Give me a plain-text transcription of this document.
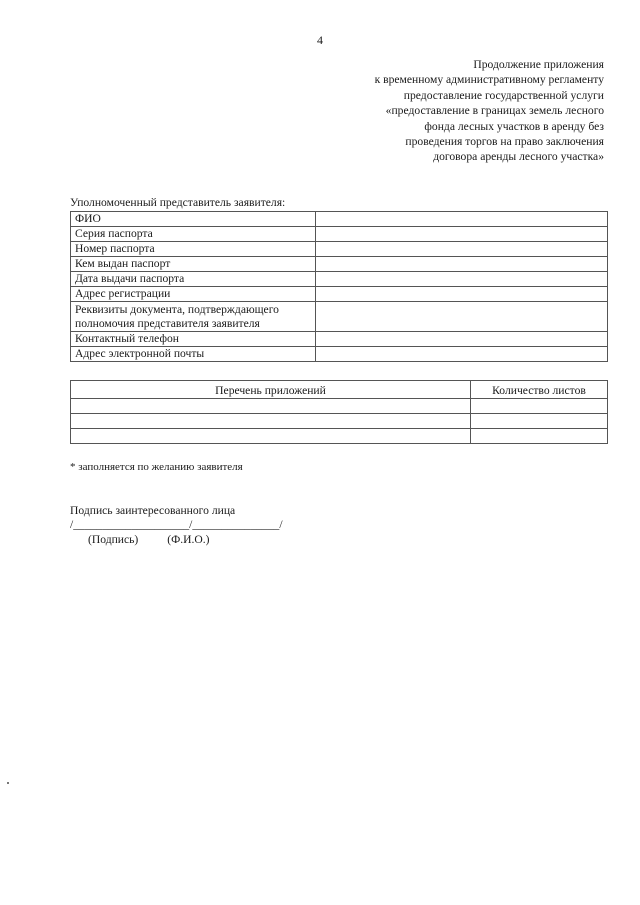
4
Продолжение приложения
к временному административному регламенту
предоставление государственной услуги
«предоставление в границах земель лесного
фонда лесных участков в аренду без
проведения торгов на право заключения
договора аренды лесного участка»
Уполномоченный представитель заявителя:
ФИО	
Серия паспорта	
Номер паспорта	
Кем выдан паспорт	
Дата выдачи паспорта	
Адрес регистрации	

Реквизиты документа, подтверждающего
полномочия представителя заявителя	

Контактный телефон	
Адрес электронной почты	
Перечень приложений	Количество листов

* заполняется по желанию заявителя
Подпись заинтересованного лица
/____________________/_______________/
(Подпись) (Ф.И.О.)
